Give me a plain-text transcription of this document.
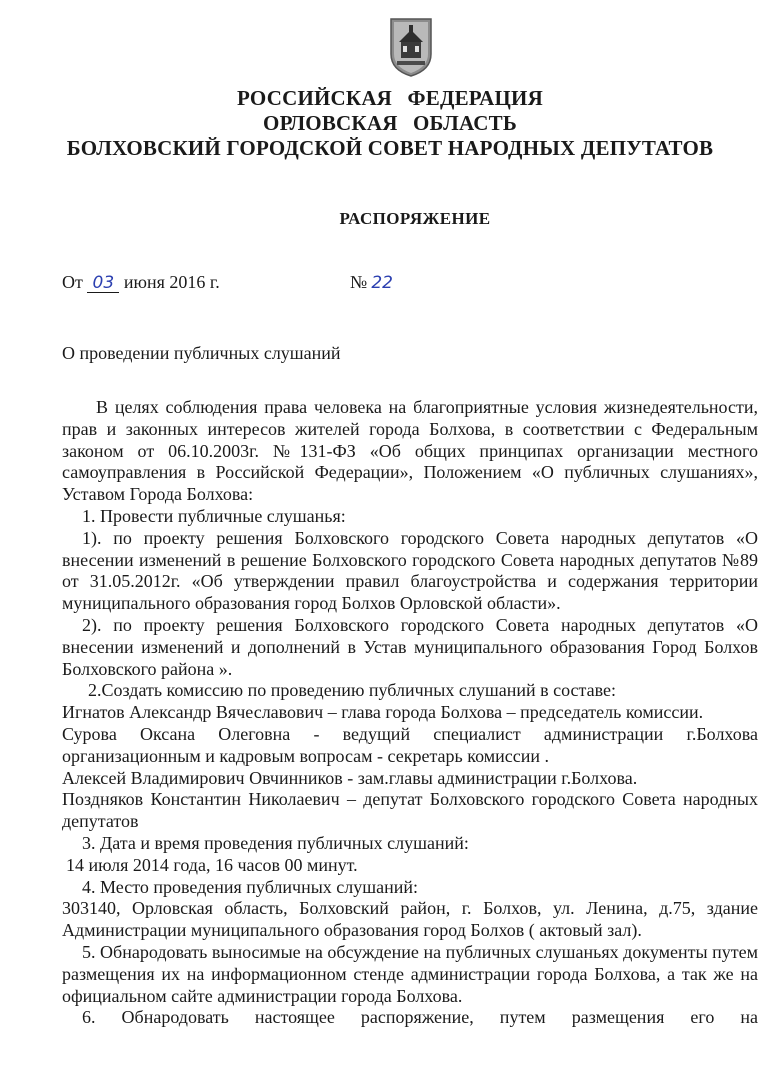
РОССИЙСКАЯ ФЕДЕРАЦИЯ
ОРЛОВСКАЯ ОБЛАСТЬ
БОЛХОВСКИЙ ГОРОДСКОЙ СОВЕТ НАРОДНЫХ ДЕПУТАТОВ
РАСПОРЯЖЕНИЕ
От 03 июня 2016 г.	№ 22
О проведении публичных слушаний

В целях соблюдения права человека на благоприятные условия жизнедеятельности, прав и законных интересов жителей города Болхова, в соответствии с Федеральным законом от 06.10.2003г. №131-ФЗ «Об общих принципах организации местного самоуправления в Российской Федерации», Положением «О публичных слушаниях», Уставом Города Болхова:

1. Провести публичные слушанья:

1). по проекту решения Болховского городского Совета народных депутатов «О внесении изменений в решение Болховского городского Совета народных депутатов №89 от 31.05.2012г. «Об утверждении правил благоустройства и содержания территории муниципального образования город Болхов Орловской области».

2). по проекту решения Болховского городского Совета народных депутатов «О внесении изменений и дополнений в Устав муниципального образования Город Болхов Болховского района ».

2.Создать комиссию по проведению публичных слушаний в составе:

Игнатов Александр Вячеславович – глава города Болхова – председатель комиссии.

Сурова Оксана Олеговна - ведущий специалист администрации г.Болхова организационным и кадровым вопросам - секретарь комиссии .

Алексей Владимирович Овчинников - зам.главы администрации г.Болхова.

Поздняков Константин Николаевич – депутат Болховского городского Совета народных депутатов

3. Дата и время проведения публичных слушаний:

14 июля 2014 года, 16 часов 00 минут.

4. Место проведения публичных слушаний:

303140, Орловская область, Болховский район, г. Болхов, ул. Ленина, д.75, здание Администрации муниципального образования город Болхов ( актовый зал).

5. Обнародовать выносимые на обсуждение на публичных слушаньях документы путем размещения их на информационном стенде администрации города Болхова, а так же на официальном сайте администрации города Болхова.

6. Обнародовать настоящее распоряжение, путем размещения его на
